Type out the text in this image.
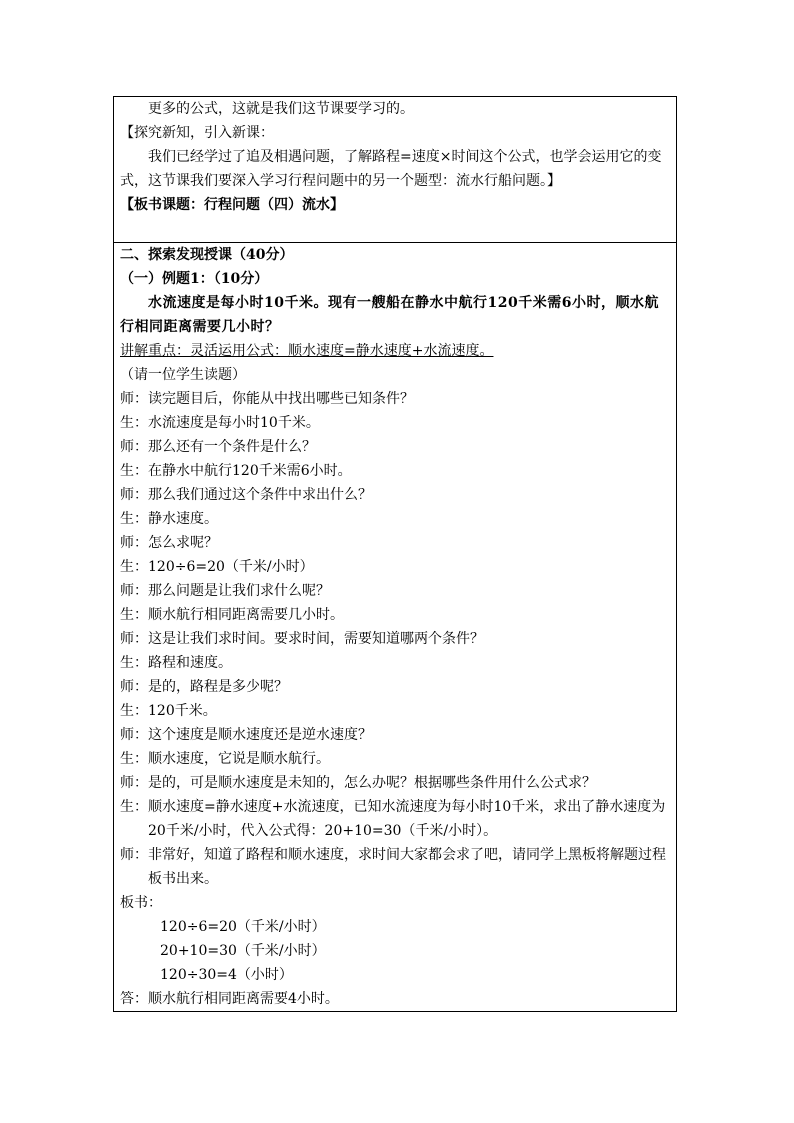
更多的公式，这就是我们这节课要学习的。

【探究新知，引入新课：

我们已经学过了追及相遇问题，了解路程=速度×时间这个公式，也学会运用它的变式，这节课我们要深入学习行程问题中的另一个题型：流水行船问题。】

【板书课题：行程问题（四）流水】

二、探索发现授课（40分）

（一）例题1：（10分）

水流速度是每小时10千米。现有一艘船在静水中航行120千米需6小时，顺水航行相同距离需要几小时？

讲解重点：灵活运用公式：顺水速度=静水速度+水流速度。

（请一位学生读题）

师：读完题目后，你能从中找出哪些已知条件？

生：水流速度是每小时10千米。

师：那么还有一个条件是什么？

生：在静水中航行120千米需6小时。

师：那么我们通过这个条件中求出什么？

生：静水速度。

师：怎么求呢？

生：120÷6=20（千米/小时）

师：那么问题是让我们求什么呢？

生：顺水航行相同距离需要几小时。

师：这是让我们求时间。要求时间，需要知道哪两个条件？

生：路程和速度。

师：是的，路程是多少呢？

生：120千米。

师：这个速度是顺水速度还是逆水速度？

生：顺水速度，它说是顺水航行。

师：是的，可是顺水速度是未知的，怎么办呢？根据哪些条件用什么公式求？

生：顺水速度=静水速度+水流速度，已知水流速度为每小时10千米，求出了静水速度为20千米/小时，代入公式得：20+10=30（千米/小时）。

师：非常好，知道了路程和顺水速度，求时间大家都会求了吧，请同学上黑板将解题过程板书出来。

板书：

120÷6=20（千米/小时）

20+10=30（千米/小时）

120÷30=4（小时）

答：顺水航行相同距离需要4小时。
